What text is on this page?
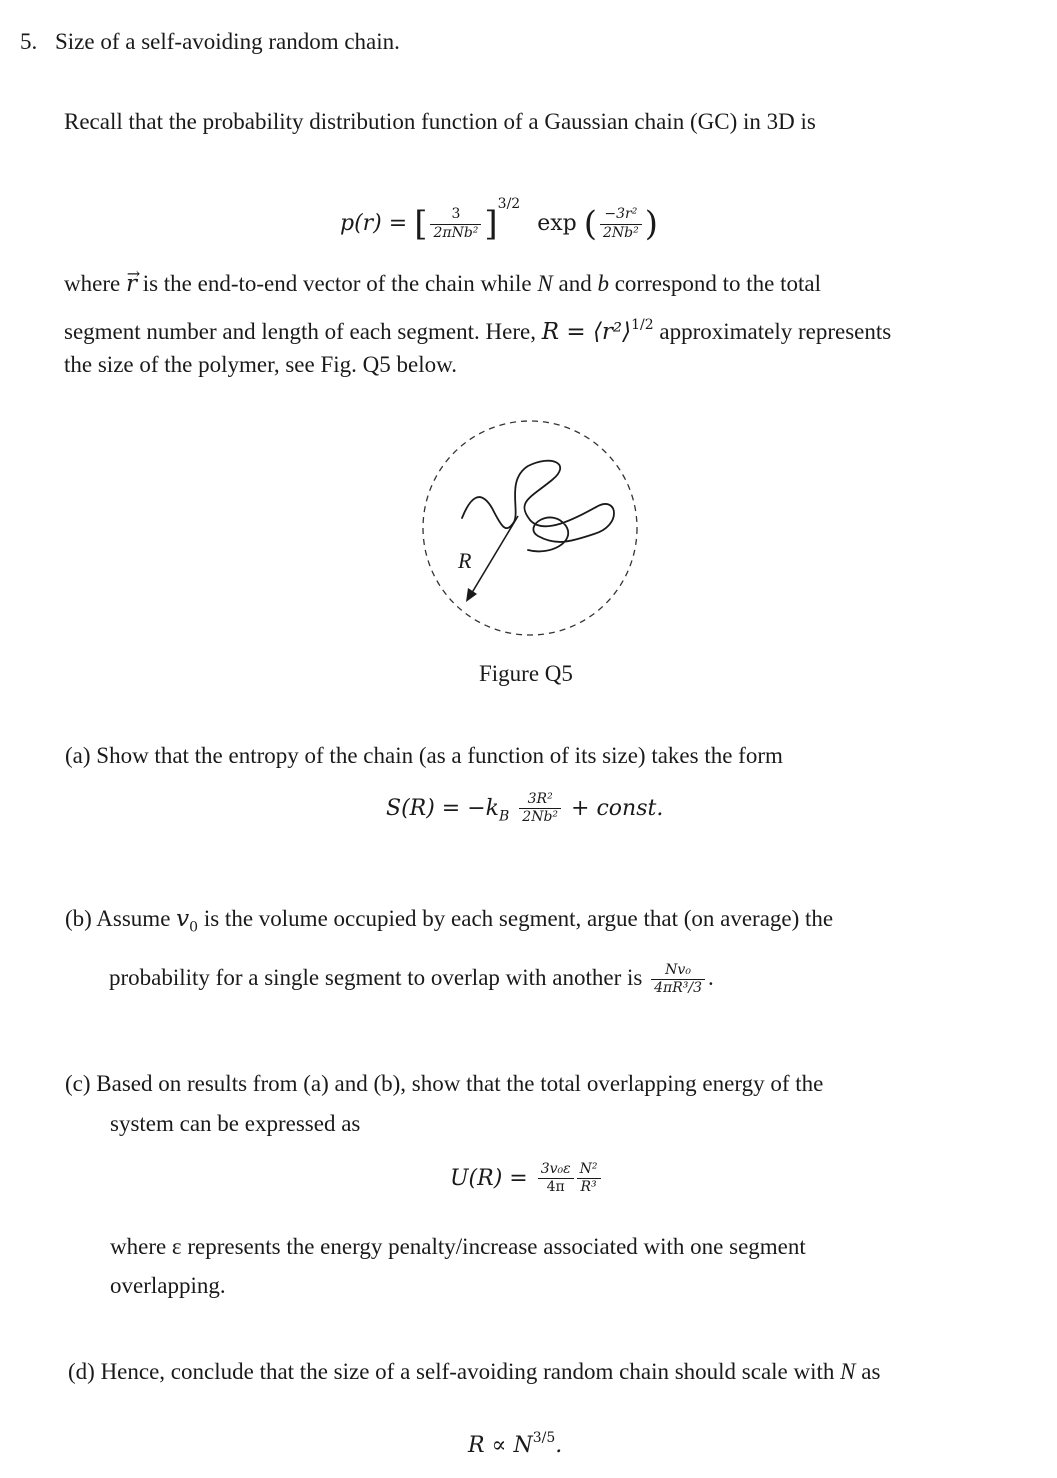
5. Size of a self-avoiding random chain.
Recall that the probability distribution function of a Gaussian chain (GC) in 3D is
p(r) = [ $\frac{3}{\text{2πNb²}} ]^{3/2}$ exp ( $\frac{\text{−3r²}}{\text{2Nb²}}$ )
where → r is the end-to-end vector of the chain while N and b correspond to the total
segment number and length of each segment. Here, R = ⟨r²⟩$^{1/2}$ approximately represents
the size of the polymer, see Fig. Q5 below.
R
Figure Q5
(a) Show that the entropy of the chain (as a function of its size) takes the form
$S(R) = -k_B \frac{\text{3R²}}{\text{2Nb²}}$ + const.
(b) Assume $v_0$ is the volume occupied by each segment, argue that (on average) the
probability for a single segment to overlap with another is $\frac{\text{Nv₀}}{\text{4πR³/3}}$ .
(c) Based on results from (a) and (b), show that the total overlapping energy of the
system can be expressed as
$U(R) = \frac{\text{3v₀ε}}{4\pi} \frac{\text{N²}}{\text{R³}}$
where ε represents the energy penalty/increase associated with one segment
overlapping.
(d) Hence, conclude that the size of a self-avoiding random chain should scale with N as
$R \propto N^{3/5}$.
